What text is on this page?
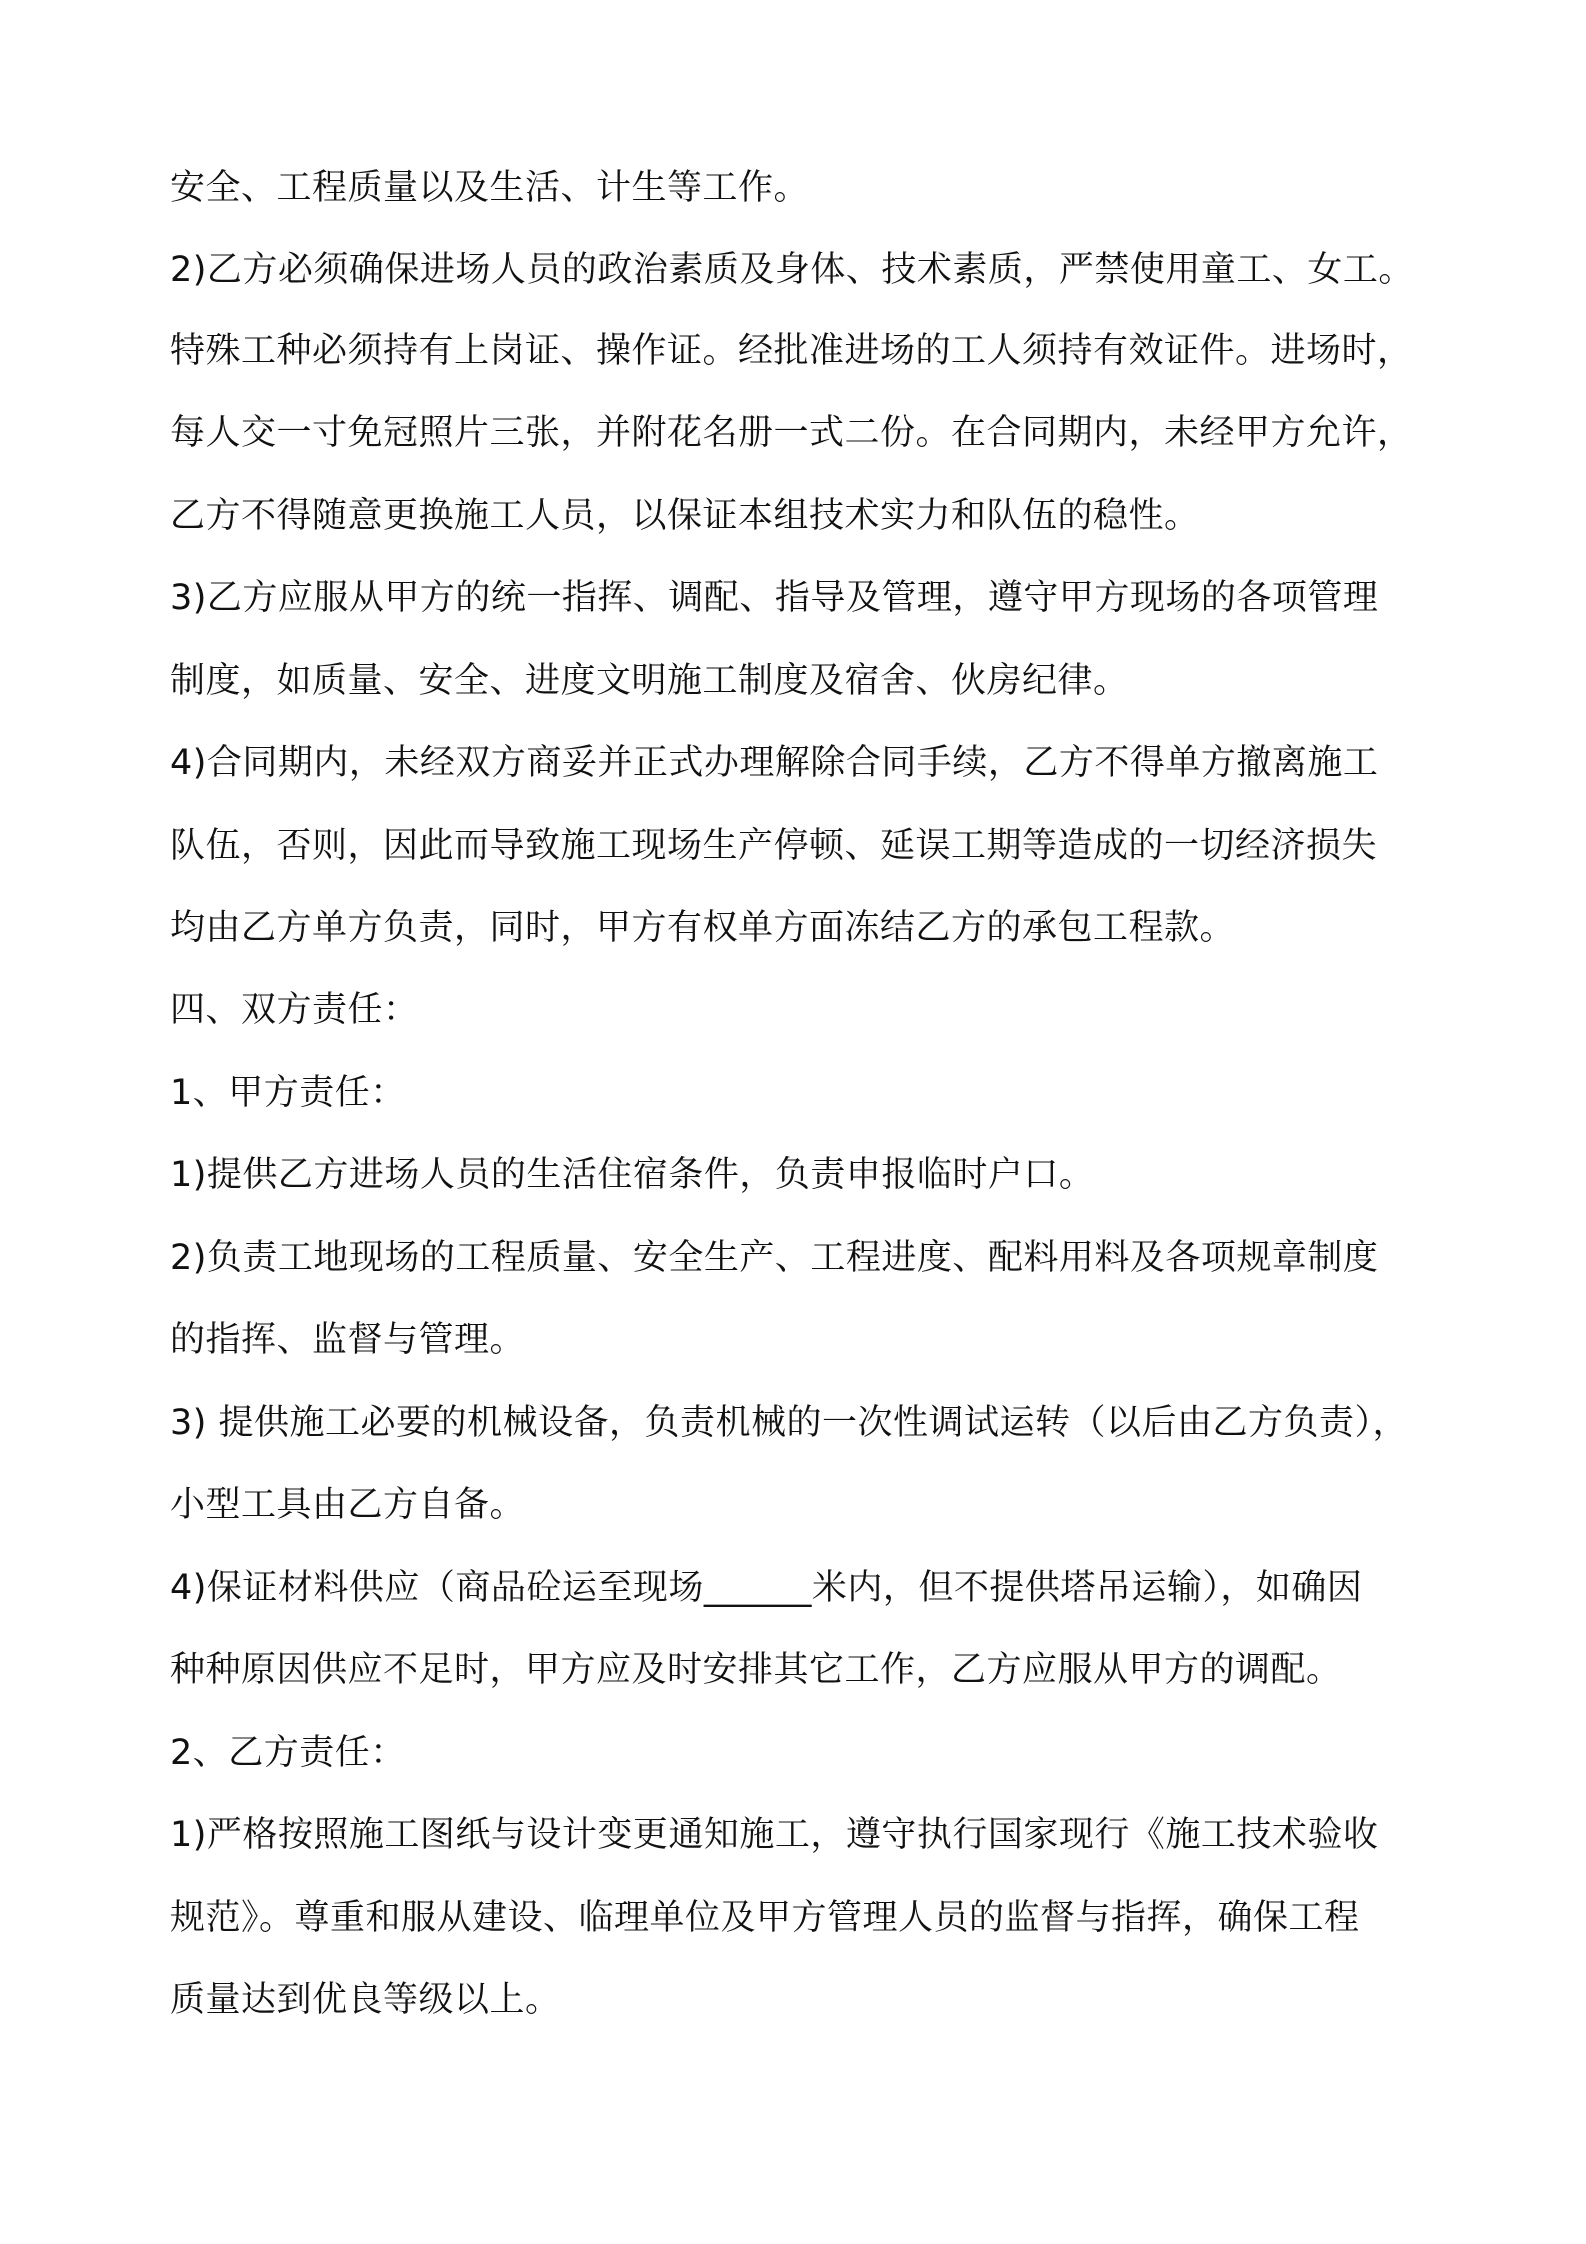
安全、工程质量以及生活、计生等工作。
2)乙方必须确保进场人员的政治素质及身体、技术素质，严禁使用童工、女工。
特殊工种必须持有上岗证、操作证。经批准进场的工人须持有效证件。进场时，
每人交一寸免冠照片三张，并附花名册一式二份。在合同期内，未经甲方允许，
乙方不得随意更换施工人员，以保证本组技术实力和队伍的稳性。
3)乙方应服从甲方的统一指挥、调配、指导及管理，遵守甲方现场的各项管理
制度，如质量、安全、进度文明施工制度及宿舍、伙房纪律。
4)合同期内，未经双方商妥并正式办理解除合同手续，乙方不得单方撤离施工
队伍，否则，因此而导致施工现场生产停顿、延误工期等造成的一切经济损失
均由乙方单方负责，同时，甲方有权单方面冻结乙方的承包工程款。
四、双方责任：
1、甲方责任：
1)提供乙方进场人员的生活住宿条件，负责申报临时户口。
2)负责工地现场的工程质量、安全生产、工程进度、配料用料及各项规章制度
的指挥、监督与管理。
3) 提供施工必要的机械设备，负责机械的一次性调试运转（以后由乙方负责），
小型工具由乙方自备。
4)保证材料供应（商品砼运至现场______米内，但不提供塔吊运输），如确因
种种原因供应不足时，甲方应及时安排其它工作，乙方应服从甲方的调配。
2、乙方责任：
1)严格按照施工图纸与设计变更通知施工，遵守执行国家现行《施工技术验收
规范》。尊重和服从建设、临理单位及甲方管理人员的监督与指挥，确保工程
质量达到优良等级以上。
